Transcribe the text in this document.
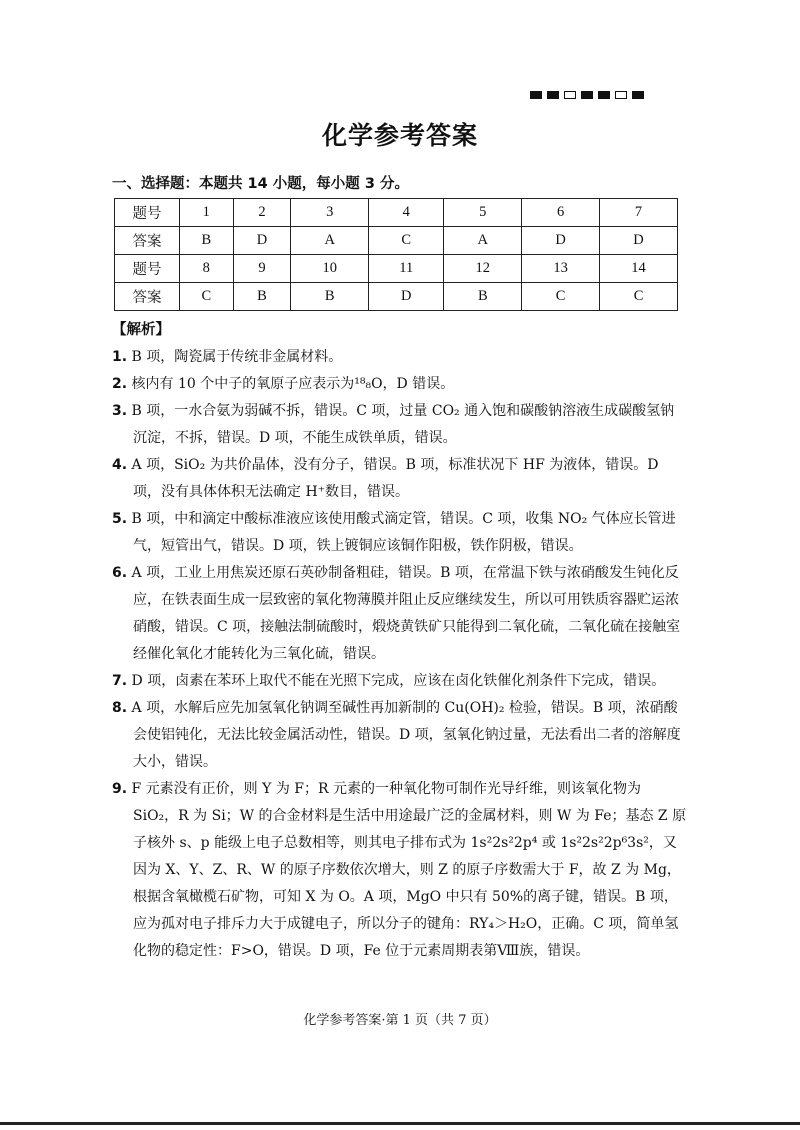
化学参考答案
一、选择题：本题共 14 小题，每小题 3 分。
题号	1	2	3	4	5	6	7
答案	B	D	A	C	A	D	D
题号	8	9	10	11	12	13	14
答案	C	B	B	D	B	C	C
【解析】

1. B 项，陶瓷属于传统非金属材料。

2. 核内有 10 个中子的氧原子应表示为¹⁸₈O，D 错误。

3. B 项，一水合氨为弱碱不拆，错误。C 项，过量 CO₂ 通入饱和碳酸钠溶液生成碳酸氢钠沉淀，不拆，错误。D 项，不能生成铁单质，错误。

4. A 项，SiO₂ 为共价晶体，没有分子，错误。B 项，标准状况下 HF 为液体，错误。D 项，没有具体体积无法确定 H⁺数目，错误。

5. B 项，中和滴定中酸标准液应该使用酸式滴定管，错误。C 项，收集 NO₂ 气体应长管进气，短管出气，错误。D 项，铁上镀铜应该铜作阳极，铁作阴极，错误。

6. A 项，工业上用焦炭还原石英砂制备粗硅，错误。B 项，在常温下铁与浓硝酸发生钝化反应，在铁表面生成一层致密的氧化物薄膜并阻止反应继续发生，所以可用铁质容器贮运浓硝酸，错误。C 项，接触法制硫酸时，煅烧黄铁矿只能得到二氧化硫，二氧化硫在接触室经催化氧化才能转化为三氧化硫，错误。

7. D 项，卤素在苯环上取代不能在光照下完成，应该在卤化铁催化剂条件下完成，错误。

8. A 项，水解后应先加氢氧化钠调至碱性再加新制的 Cu(OH)₂ 检验，错误。B 项，浓硝酸会使铝钝化，无法比较金属活动性，错误。D 项，氢氧化钠过量，无法看出二者的溶解度大小，错误。

9. F 元素没有正价，则 Y 为 F；R 元素的一种氧化物可制作光导纤维，则该氧化物为 SiO₂，R 为 Si；W 的合金材料是生活中用途最广泛的金属材料，则 W 为 Fe；基态 Z 原子核外 s、p 能级上电子总数相等，则其电子排布式为 1s²2s²2p⁴ 或 1s²2s²2p⁶3s²，又因为 X、Y、Z、R、W 的原子序数依次增大，则 Z 的原子序数需大于 F，故 Z 为 Mg，根据含氧橄榄石矿物，可知 X 为 O。A 项，MgO 中只有 50%的离子键，错误。B 项，应为孤对电子排斥力大于成键电子，所以分子的键角：RY₄＞H₂O，正确。C 项，简单氢化物的稳定性：F>O，错误。D 项，Fe 位于元素周期表第Ⅷ族，错误。

化学参考答案·第 1 页（共 7 页）
